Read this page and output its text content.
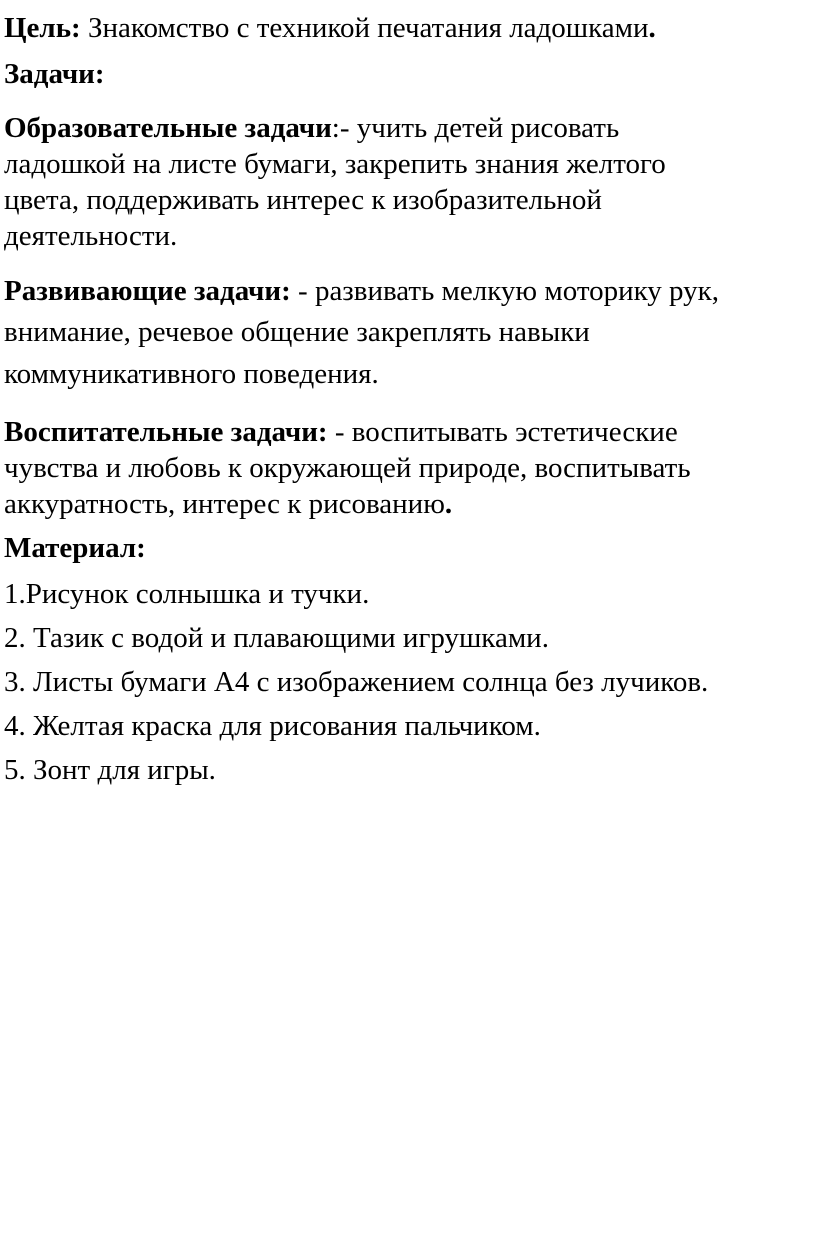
Цель: Знакомство с техникой печатания ладошками.

Задачи:

Образовательные задачи:- учить детей рисовать

ладошкой на листе бумаги, закрепить знания желтого

цвета, поддерживать интерес к изобразительной

деятельности.

Развивающие задачи: - развивать мелкую моторику рук,

внимание, речевое общение закреплять навыки

коммуникативного поведения.

Воспитательные задачи: - воспитывать эстетические

чувства и любовь к окружающей природе, воспитывать

аккуратность, интерес к рисованию.

Материал:

1.Рисунок солнышка и тучки.

2. Тазик с водой и плавающими игрушками.

3. Листы бумаги А4 с изображением солнца без лучиков.

4. Желтая краска для рисования пальчиком.

5. Зонт для игры.
